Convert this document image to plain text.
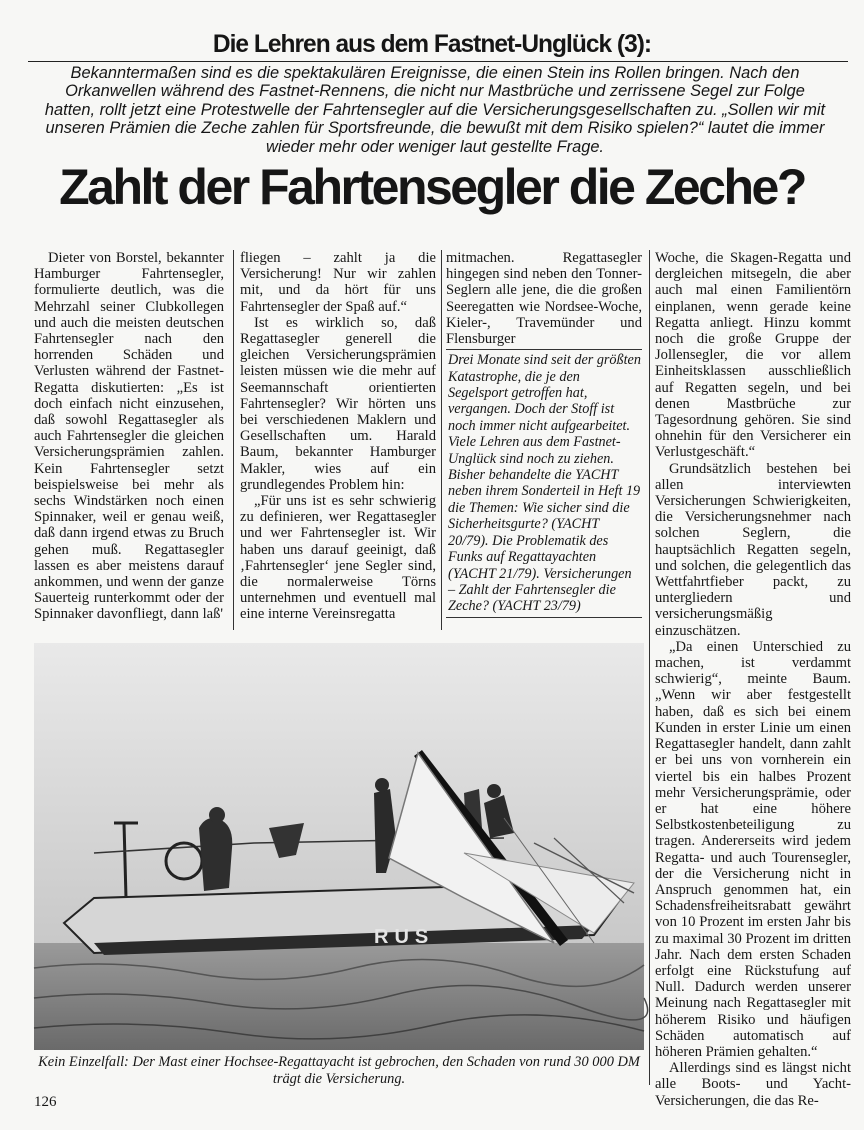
Die Lehren aus dem Fastnet-Unglück (3):
Bekanntermaßen sind es die spektakulären Ereignisse, die einen Stein ins Rollen bringen. Nach den Orkanwellen während des Fastnet-Rennens, die nicht nur Mastbrüche und zerrissene Segel zur Folge hatten, rollt jetzt eine Protestwelle der Fahrtensegler auf die Versicherungsgesellschaften zu. „Sollen wir mit unseren Prämien die Zeche zahlen für Sportsfreunde, die bewußt mit dem Risiko spielen?“ lautet die immer wieder mehr oder weniger laut gestellte Frage.
Zahlt der Fahrtensegler die Zeche?

Dieter von Borstel, bekannter Hamburger Fahrtensegler, formulierte deutlich, was die Mehrzahl seiner Clubkollegen und auch die meisten deutschen Fahrtensegler nach den horrenden Schäden und Verlusten während der Fastnet-Regatta diskutierten: „Es ist doch einfach nicht einzusehen, daß sowohl Regattasegler als auch Fahrtensegler die gleichen Versicherungsprämien zahlen. Kein Fahrtensegler setzt beispielsweise bei mehr als sechs Windstärken noch einen Spinnaker, weil er genau weiß, daß dann irgend etwas zu Bruch gehen muß. Regattasegler lassen es aber meistens darauf ankommen, und wenn der ganze Sauerteig runterkommt oder der Spinnaker davonfliegt, dann laß'

fliegen – zahlt ja die Versicherung! Nur wir zahlen mit, und da hört für uns Fahrtensegler der Spaß auf.“

Ist es wirklich so, daß Regattasegler generell die gleichen Versicherungsprämien leisten müssen wie die mehr auf Seemannschaft orientierten Fahrtensegler? Wir hörten uns bei verschiedenen Maklern und Gesellschaften um. Harald Baum, bekannter Hamburger Makler, wies auf ein grundlegendes Problem hin:

„Für uns ist es sehr schwierig zu definieren, wer Regattasegler und wer Fahrtensegler ist. Wir haben uns darauf geeinigt, daß ‚Fahrtensegler‘ jene Segler sind, die normalerweise Törns unternehmen und eventuell mal eine interne Vereinsregatta

mitmachen. Regattasegler hingegen sind neben den Tonner-Seglern alle jene, die die großen Seeregatten wie Nordsee-Woche, Kieler-, Travemünder und Flensburger

Drei Monate sind seit der größten Katastrophe, die je den Segelsport getroffen hat, vergangen. Doch der Stoff ist noch immer nicht aufgearbeitet. Viele Lehren aus dem Fastnet-Unglück sind noch zu ziehen. Bisher behandelte die YACHT neben ihrem Sonderteil in Heft 19 die Themen: Wie sicher sind die Sicherheitsgurte? (YACHT 20/79). Die Problematik des Funks auf Regattayachten (YACHT 21/79). Versicherungen – Zahlt der Fahrtensegler die Zeche? (YACHT 23/79)

Woche, die Skagen-Regatta und dergleichen mitsegeln, die aber auch mal einen Familientörn einplanen, wenn gerade keine Regatta anliegt. Hinzu kommt noch die große Gruppe der Jollensegler, die vor allem Einheitsklassen ausschließlich auf Regatten segeln, und bei denen Mastbrüche zur Tagesordnung gehören. Sie sind ohnehin für den Versicherer ein Verlustgeschäft.“

Grundsätzlich bestehen bei allen interviewten Versicherungen Schwierigkeiten, die Versicherungsnehmer nach solchen Seglern, die hauptsächlich Regatten segeln, und solchen, die gelegentlich das Wettfahrtfieber packt, zu untergliedern und versicherungsmäßig einzuschätzen.

„Da einen Unterschied zu machen, ist verdammt schwierig“, meinte Baum. „Wenn wir aber festgestellt haben, daß es sich bei einem Kunden in erster Linie um einen Regattasegler handelt, dann zahlt er bei uns von vornherein ein viertel bis ein halbes Prozent mehr Versicherungsprämie, oder er hat eine höhere Selbstkostenbeteiligung zu tragen. Andererseits wird jedem Regatta- und auch Tourensegler, der die Versicherung nicht in Anspruch genommen hat, ein Schadensfreiheitsrabatt gewährt von 10 Prozent im ersten Jahr bis zu maximal 30 Prozent im dritten Jahr. Nach dem ersten Schaden erfolgt eine Rückstufung auf Null. Dadurch werden unserer Meinung nach Regattasegler mit höherem Risiko und häufigen Schäden automatisch auf höheren Prämien gehalten.“

Allerdings sind es längst nicht alle Boots- und Yacht-Versicherungen, die das Re-

RUS
Kein Einzelfall: Der Mast einer Hochsee-Regattayacht ist gebrochen, den Schaden von rund 30 000 DM trägt die Versicherung.
126
